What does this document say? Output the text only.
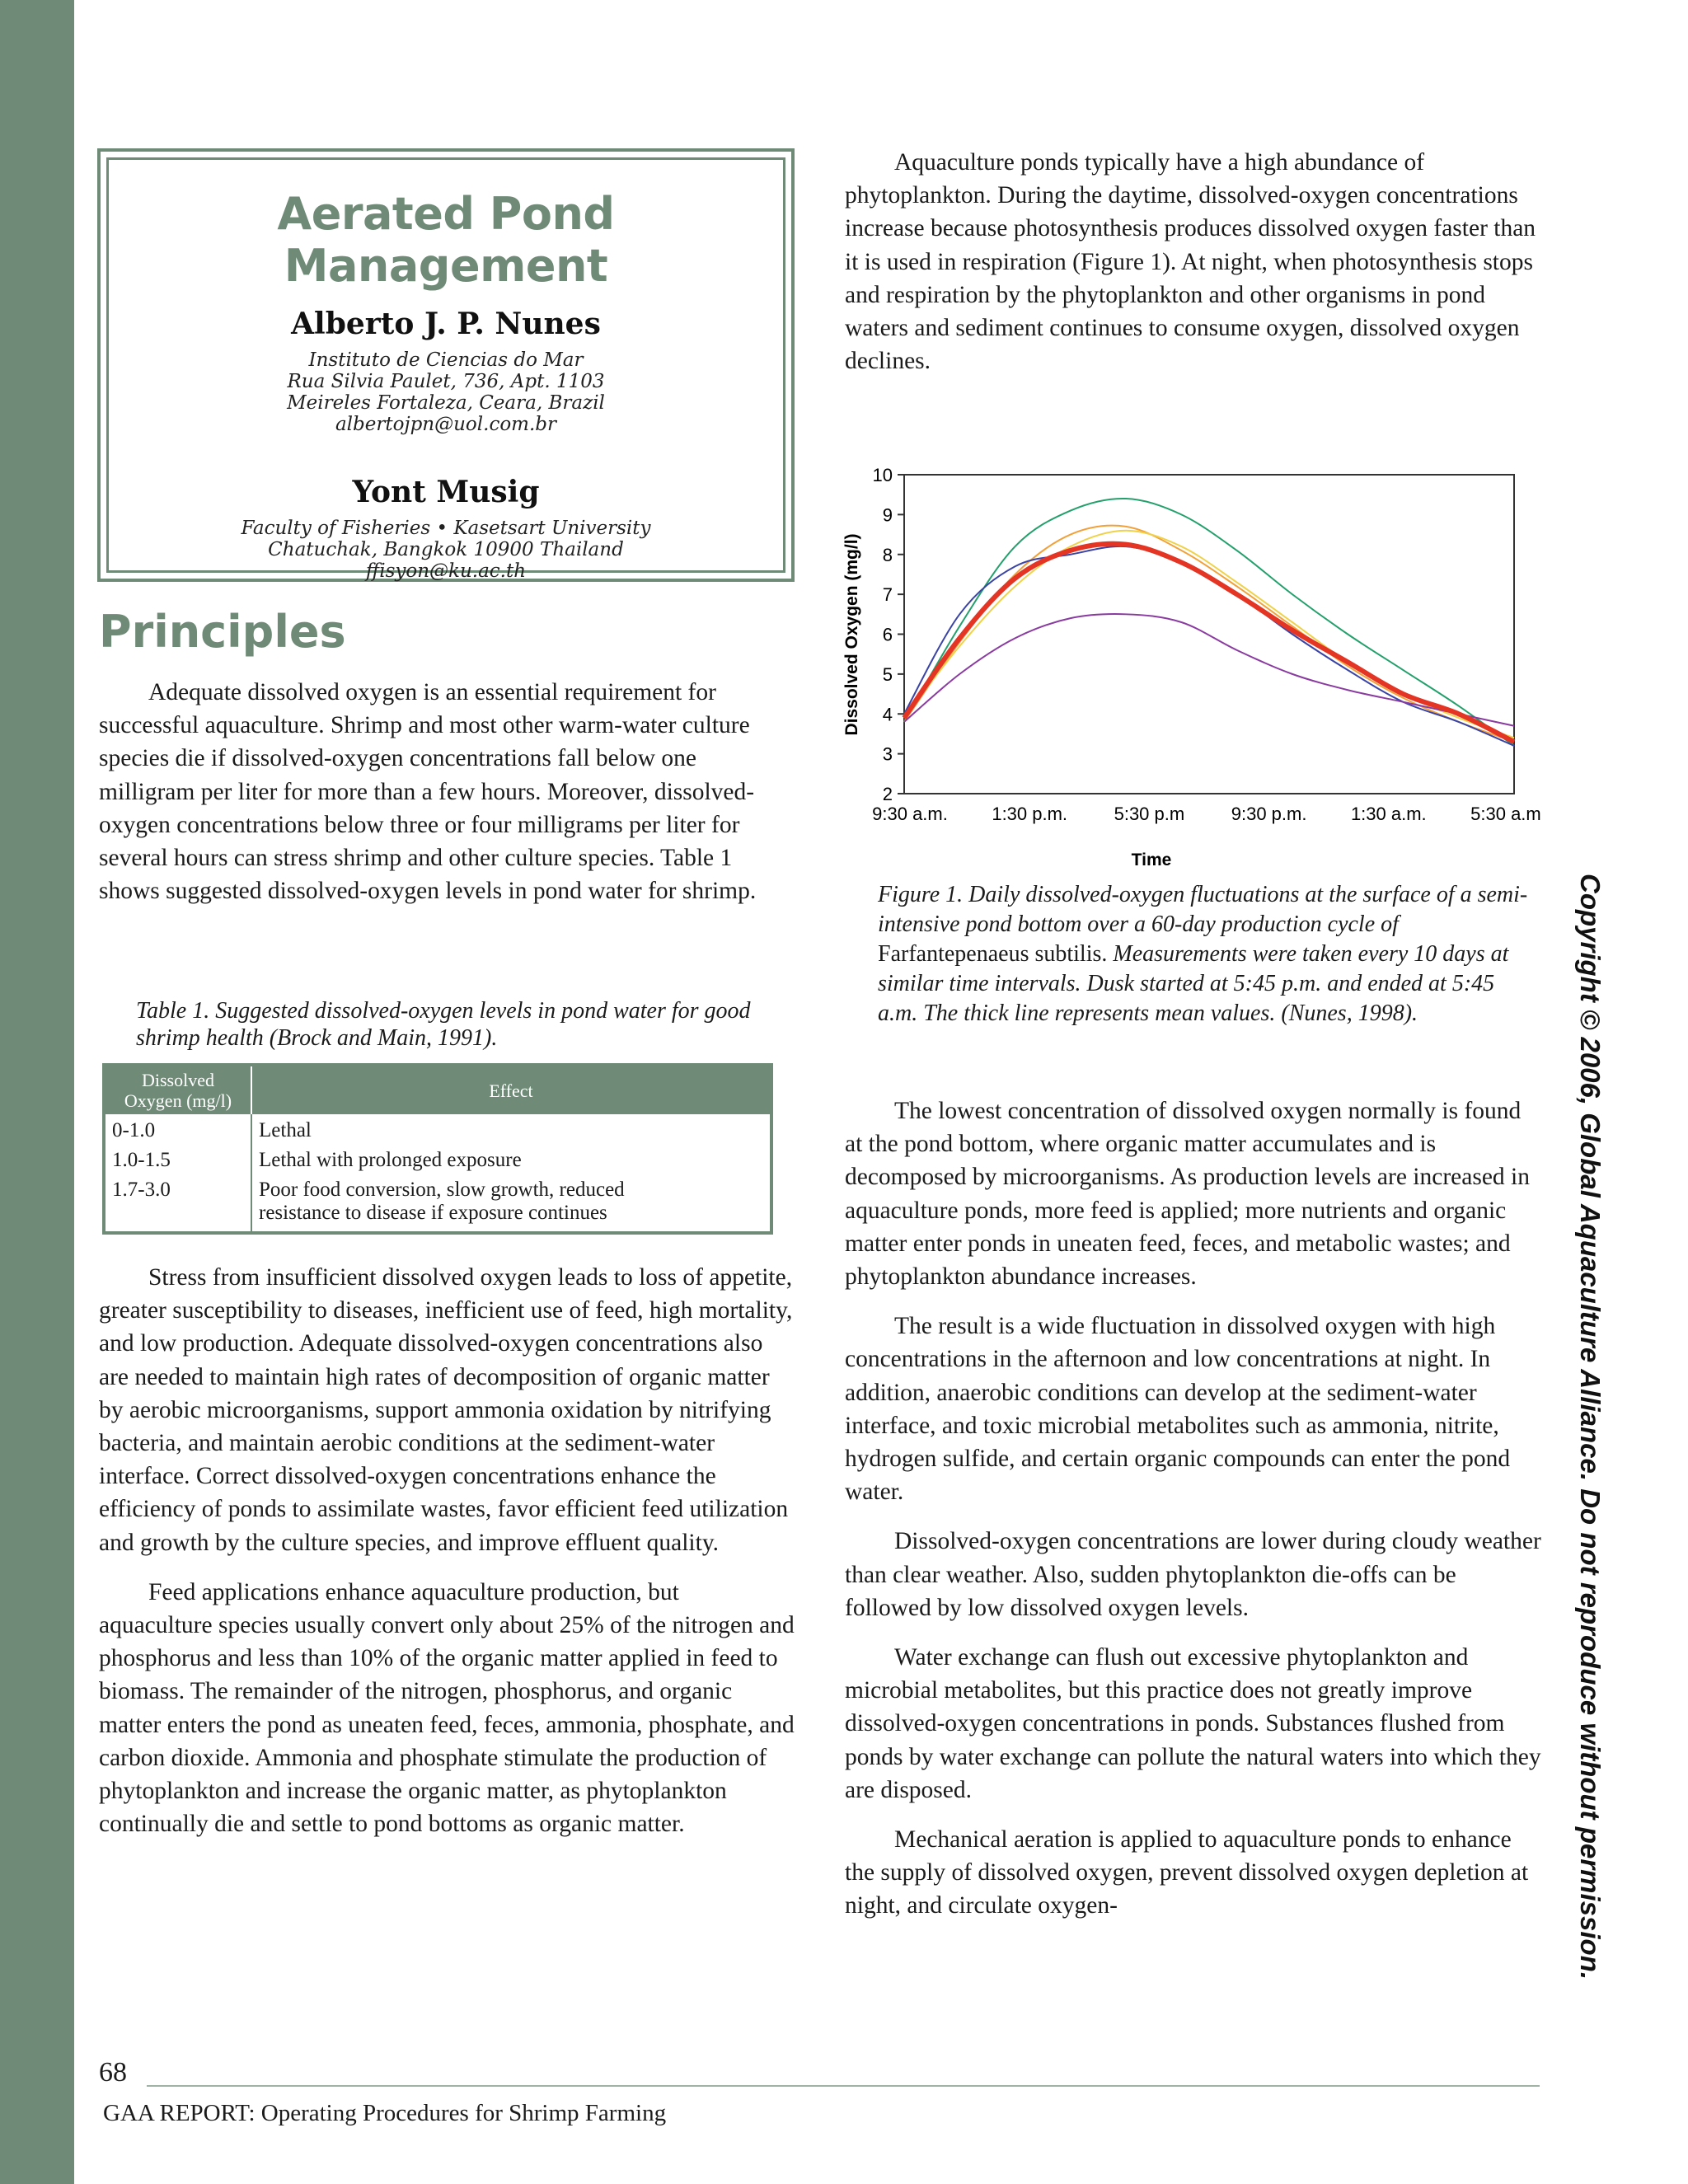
Aerated Pond Management

Alberto J. P. Nunes

Instituto de Ciencias do Mar

Rua Silvia Paulet, 736, Apt. 1103

Meireles Fortaleza, Ceara, Brazil

albertojpn@uol.com.br

Yont Musig

Faculty of Fisheries • Kasetsart University

Chatuchak, Bangkok 10900 Thailand

ffisyon@ku.ac.th

Principles

Adequate dissolved oxygen is an essential requirement for successful aquaculture. Shrimp and most other warm-water culture species die if dissolved-oxygen concentrations fall below one milligram per liter for more than a few hours. Moreover, dissolved-oxygen concentrations below three or four milligrams per liter for several hours can stress shrimp and other culture species. Table 1 shows suggested dissolved-oxygen levels in pond water for shrimp.

Table 1. Suggested dissolved-oxygen levels in pond water for good shrimp health (Brock and Main, 1991).

Dissolved
Oxygen (mg/l)	Effect
0-1.0	Lethal
1.0-1.5	Lethal with prolonged exposure
1.7-3.0	Poor food conversion, slow growth, reduced
resistance to disease if exposure continues

Stress from insufficient dissolved oxygen leads to loss of appetite, greater susceptibility to diseases, inefficient use of feed, high mortality, and low production. Adequate dissolved-oxygen concentrations also are needed to maintain high rates of decomposition of organic matter by aerobic microorganisms, support ammonia oxidation by nitrifying bacteria, and maintain aerobic conditions at the sediment-water interface. Correct dissolved-oxygen concentrations enhance the efficiency of ponds to assimilate wastes, favor efficient feed utilization and growth by the culture species, and improve effluent quality.

Feed applications enhance aquaculture production, but aquaculture species usually convert only about 25% of the nitrogen and phosphorus and less than 10% of the organic matter applied in feed to biomass. The remainder of the nitrogen, phosphorus, and organic matter enters the pond as uneaten feed, feces, ammonia, phosphate, and carbon dioxide. Ammonia and phosphate stimulate the production of phytoplankton and increase the organic matter, as phytoplankton continually die and settle to pond bottoms as organic matter.

Aquaculture ponds typically have a high abundance of phytoplankton. During the daytime, dissolved-oxygen concentrations increase because photosynthesis produces dissolved oxygen faster than it is used in respiration (Figure 1). At night, when photosynthesis stops and respiration by the phytoplankton and other organisms in pond waters and sediment continues to consume oxygen, dissolved oxygen declines.

2
3
4
5
6
7
8
9
10
9:30 a.m. 1:30 p.m.	5:30 p.m	9:30 p.m. 1:30 a.m. 5:30 a.m.
Dissolved Oxygen (mg/l)
Time

Figure 1. Daily dissolved-oxygen fluctuations at the surface of a semi-intensive pond bottom over a 60-day production cycle of Farfantepenaeus subtilis. Measurements were taken every 10 days at similar time intervals. Dusk started at 5:45 p.m. and ended at 5:45 a.m. The thick line represents mean values. (Nunes, 1998).

The lowest concentration of dissolved oxygen normally is found at the pond bottom, where organic matter accumulates and is decomposed by microorganisms. As production levels are increased in aquaculture ponds, more feed is applied; more nutrients and organic matter enter ponds in uneaten feed, feces, and metabolic wastes; and phytoplankton abundance increases.

The result is a wide fluctuation in dissolved oxygen with high concentrations in the afternoon and low concentrations at night. In addition, anaerobic conditions can develop at the sediment-water interface, and toxic microbial metabolites such as ammonia, nitrite, hydrogen sulfide, and certain organic compounds can enter the pond water.

Dissolved-oxygen concentrations are lower during cloudy weather than clear weather. Also, sudden phytoplankton die-offs can be followed by low dissolved oxygen levels.

Water exchange can flush out excessive phytoplankton and microbial metabolites, but this practice does not greatly improve dissolved-oxygen concentrations in ponds. Substances flushed from ponds by water exchange can pollute the natural waters into which they are disposed.

Mechanical aeration is applied to aquaculture ponds to enhance the supply of dissolved oxygen, prevent dissolved oxygen depletion at night, and circulate oxygen-	Copyright © 2006, Global Aquaculture Alliance. Do not reproduce without permission.

68

GAA REPORT: Operating Procedures for Shrimp Farming
